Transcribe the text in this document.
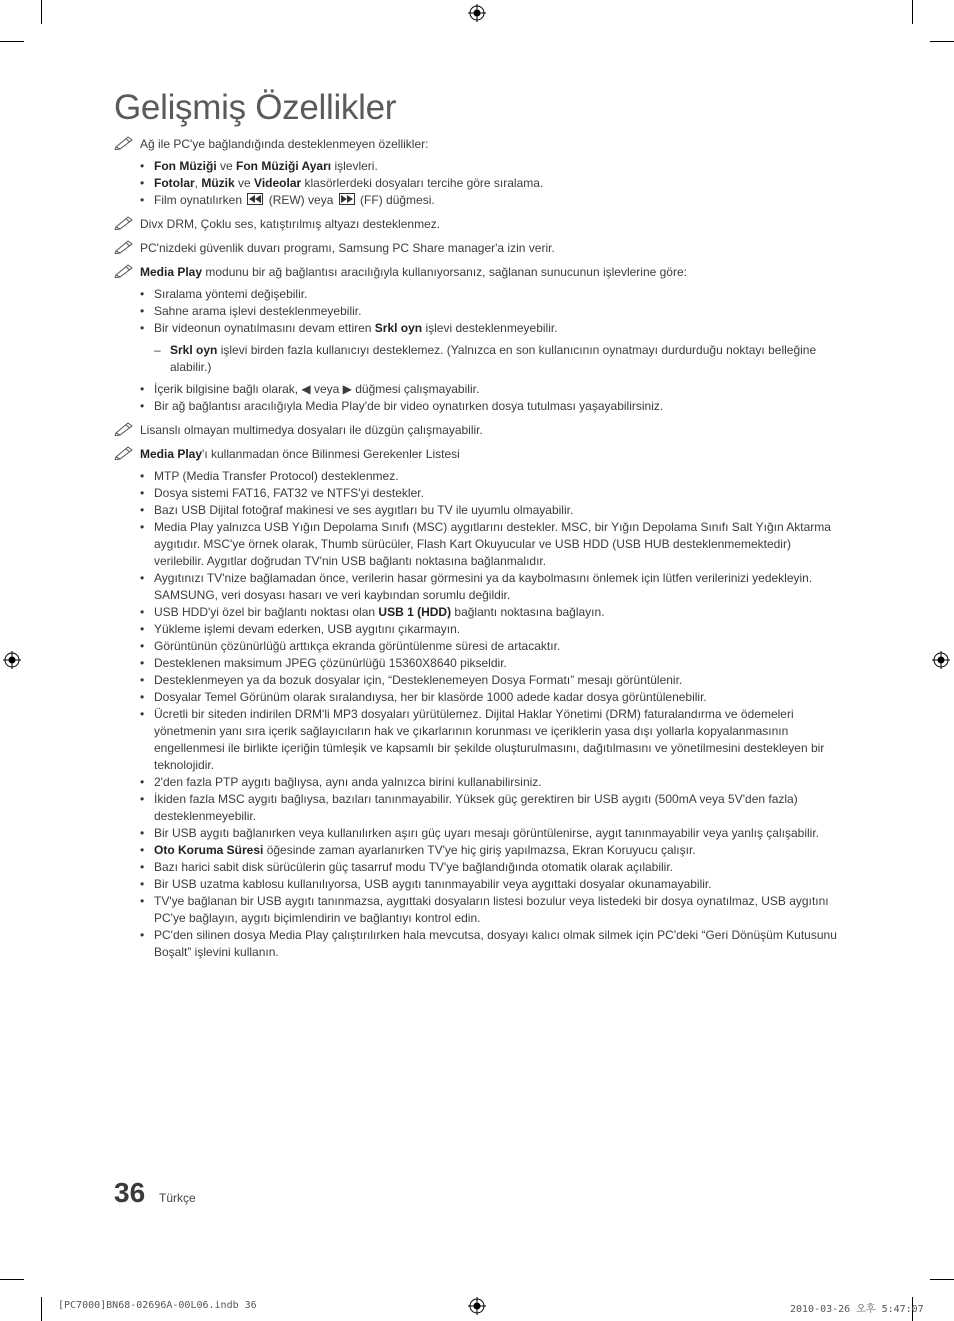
Gelişmiş Özellikler

Ağ ile PC'ye bağlandığında desteklenmeyen özellikler:

• Fon Müziği ve Fon Müziği Ayarı işlevleri.
• Fotolar, Müzik ve Videolar klasörlerdeki dosyaları tercihe göre sıralama.
• Film oynatılırken
(REW) veya
(FF) düğmesi.

Divx DRM, Çoklu ses, katıştırılmış altyazı desteklenmez.

PC'nizdeki güvenlik duvarı programı, Samsung PC Share manager'a izin verir.

Media Play modunu bir ağ bağlantısı aracılığıyla kullanıyorsanız, sağlanan sunucunun işlevlerine göre:

• Sıralama yöntemi değişebilir.
• Sahne arama işlevi desteklenmeyebilir.
• Bir videonun oynatılmasını devam ettiren Srkl oyn işlevi desteklenmeyebilir.

– Srkl oyn işlevi birden fazla kullanıcıyı desteklemez. (Yalnızca en son kullanıcının oynatmayı durdurduğu noktayı belleğine alabilir.)

• İçerik bilgisine bağlı olarak, ◀ veya ▶ düğmesi çalışmayabilir.
• Bir ağ bağlantısı aracılığıyla Media Play'de bir video oynatırken dosya tutulması yaşayabilirsiniz.

Lisanslı olmayan multimedya dosyaları ile düzgün çalışmayabilir.

Media Play'ı kullanmadan önce Bilinmesi Gerekenler Listesi

• MTP (Media Transfer Protocol) desteklenmez.
• Dosya sistemi FAT16, FAT32 ve NTFS'yi destekler.
• Bazı USB Dijital fotoğraf makinesi ve ses aygıtları bu TV ile uyumlu olmayabilir.
• Media Play yalnızca USB Yığın Depolama Sınıfı (MSC) aygıtlarını destekler. MSC, bir Yığın Depolama Sınıfı Salt Yığın Aktarma aygıtıdır. MSC'ye örnek olarak, Thumb sürücüler, Flash Kart Okuyucular ve USB HDD (USB HUB desteklenmemektedir) verilebilir. Aygıtlar doğrudan TV'nin USB bağlantı noktasına bağlanmalıdır.
• Aygıtınızı TV'nize bağlamadan önce, verilerin hasar görmesini ya da kaybolmasını önlemek için lütfen verilerinizi yedekleyin. SAMSUNG, veri dosyası hasarı ve veri kaybından sorumlu değildir.
• USB HDD'yi özel bir bağlantı noktası olan USB 1 (HDD) bağlantı noktasına bağlayın.
• Yükleme işlemi devam ederken, USB aygıtını çıkarmayın.
• Görüntünün çözünürlüğü arttıkça ekranda görüntülenme süresi de artacaktır.
• Desteklenen maksimum JPEG çözünürlüğü 15360X8640 pikseldir.
• Desteklenmeyen ya da bozuk dosyalar için, “Desteklenemeyen Dosya Formatı” mesajı görüntülenir.
• Dosyalar Temel Görünüm olarak sıralandıysa, her bir klasörde 1000 adede kadar dosya görüntülenebilir.
• Ücretli bir siteden indirilen DRM'li MP3 dosyaları yürütülemez. Dijital Haklar Yönetimi (DRM) faturalandırma ve ödemeleri yönetmenin yanı sıra içerik sağlayıcıların hak ve çıkarlarının korunması ve içeriklerin yasa dışı yollarla kopyalanmasının engellenmesi ile birlikte içeriğin tümleşik ve kapsamlı bir şekilde oluşturulmasını, dağıtılmasını ve yönetilmesini destekleyen bir teknolojidir.
• 2'den fazla PTP aygıtı bağlıysa, aynı anda yalnızca birini kullanabilirsiniz.
• İkiden fazla MSC aygıtı bağlıysa, bazıları tanınmayabilir. Yüksek güç gerektiren bir USB aygıtı (500mA veya 5V'den fazla) desteklenmeyebilir.
• Bir USB aygıtı bağlanırken veya kullanılırken aşırı güç uyarı mesajı görüntülenirse, aygıt tanınmayabilir veya yanlış çalışabilir.
• Oto Koruma Süresi öğesinde zaman ayarlanırken TV'ye hiç giriş yapılmazsa, Ekran Koruyucu çalışır.
• Bazı harici sabit disk sürücülerin güç tasarruf modu TV'ye bağlandığında otomatik olarak açılabilir.
• Bir USB uzatma kablosu kullanılıyorsa, USB aygıtı tanınmayabilir veya aygıttaki dosyalar okunamayabilir.
• TV'ye bağlanan bir USB aygıtı tanınmazsa, aygıttaki dosyaların listesi bozulur veya listedeki bir dosya oynatılmaz, USB aygıtını PC'ye bağlayın, aygıtı biçimlendirin ve bağlantıyı kontrol edin.
• PC'den silinen dosya Media Play çalıştırılırken hala mevcutsa, dosyayı kalıcı olmak silmek için PC'deki “Geri Dönüşüm Kutusunu Boşalt” işlevini kullanın.
36 Türkçe
[PC7000]BN68-02696A-00L06.indb 36	2010-03-26 오후 5:47:07
